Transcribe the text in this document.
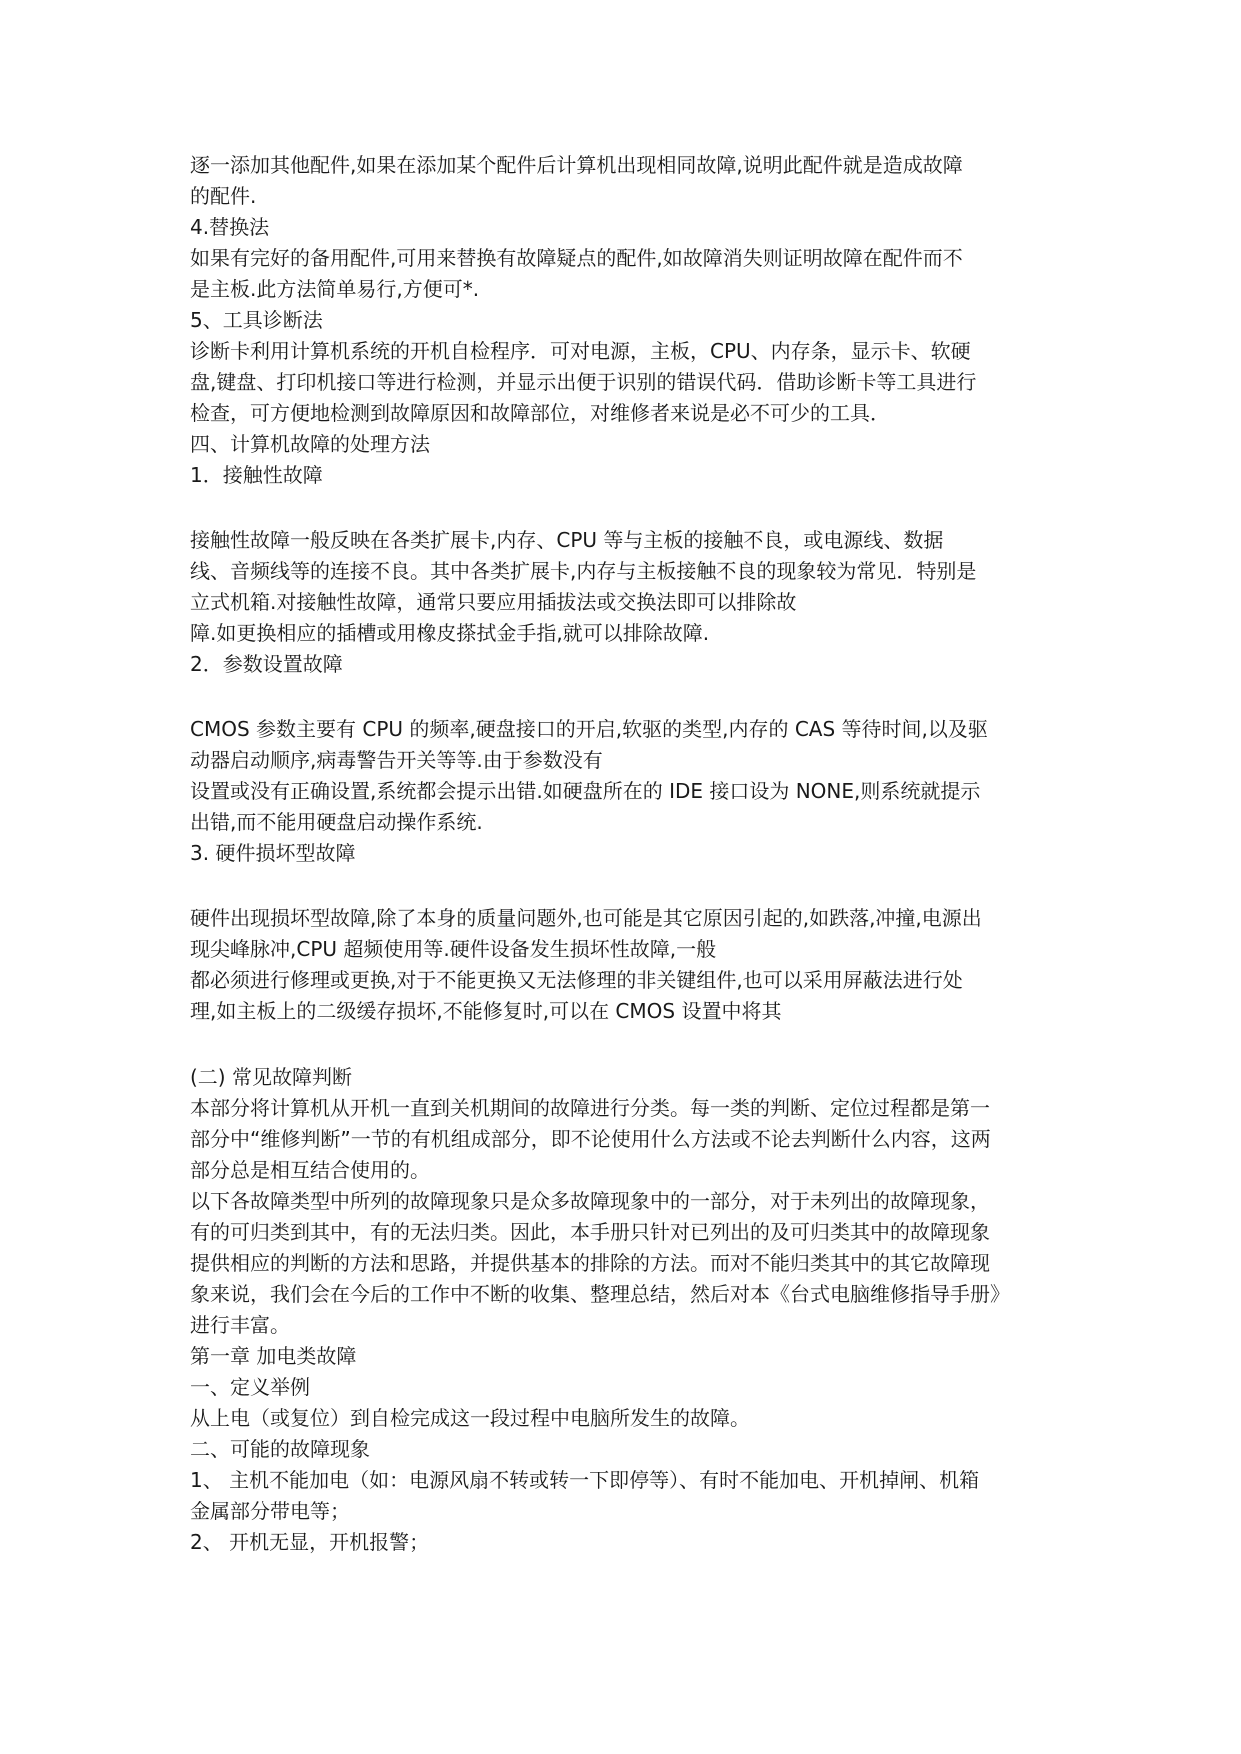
逐一添加其他配件,如果在添加某个配件后计算机出现相同故障,说明此配件就是造成故障
的配件.
4.替换法
如果有完好的备用配件,可用来替换有故障疑点的配件,如故障消失则证明故障在配件而不
是主板.此方法简单易行,方便可*.
5、工具诊断法
诊断卡利用计算机系统的开机自检程序．可对电源，主板，CPU、内存条，显示卡、软硬
盘,键盘、打印机接口等进行检测，并显示出便于识别的错误代码．借助诊断卡等工具进行
检查，可方便地检测到故障原因和故障部位，对维修者来说是必不可少的工具．
四、计算机故障的处理方法
1．接触性故障
接触性故障一般反映在各类扩展卡,内存、CPU 等与主板的接触不良，或电源线、数据
线、音频线等的连接不良。其中各类扩展卡,内存与主板接触不良的现象较为常见．特别是
立式机箱.对接触性故障，通常只要应用插拔法或交换法即可以排除故
障.如更换相应的插槽或用橡皮搽拭金手指,就可以排除故障.
2．参数设置故障
CMOS 参数主要有 CPU 的频率,硬盘接口的开启,软驱的类型,内存的 CAS 等待时间,以及驱
动器启动顺序,病毒警告开关等等.由于参数没有
设置或没有正确设置,系统都会提示出错.如硬盘所在的 IDE 接口设为 NONE,则系统就提示
出错,而不能用硬盘启动操作系统.
3. 硬件损坏型故障
硬件出现损坏型故障,除了本身的质量问题外,也可能是其它原因引起的,如跌落,冲撞,电源出
现尖峰脉冲,CPU 超频使用等.硬件设备发生损坏性故障,一般
都必须进行修理或更换,对于不能更换又无法修理的非关键组件,也可以采用屏蔽法进行处
理,如主板上的二级缓存损坏,不能修复时,可以在 CMOS 设置中将其
(二) 常见故障判断
本部分将计算机从开机一直到关机期间的故障进行分类。每一类的判断、定位过程都是第一
部分中“维修判断”一节的有机组成部分，即不论使用什么方法或不论去判断什么内容，这两
部分总是相互结合使用的。
以下各故障类型中所列的故障现象只是众多故障现象中的一部分，对于未列出的故障现象，
有的可归类到其中，有的无法归类。因此，本手册只针对已列出的及可归类其中的故障现象
提供相应的判断的方法和思路，并提供基本的排除的方法。而对不能归类其中的其它故障现
象来说，我们会在今后的工作中不断的收集、整理总结，然后对本《台式电脑维修指导手册》
进行丰富。
第一章 加电类故障
一、定义举例
从上电（或复位）到自检完成这一段过程中电脑所发生的故障。
二、可能的故障现象
1、 主机不能加电（如：电源风扇不转或转一下即停等）、有时不能加电、开机掉闸、机箱
金属部分带电等；
2、 开机无显，开机报警；
